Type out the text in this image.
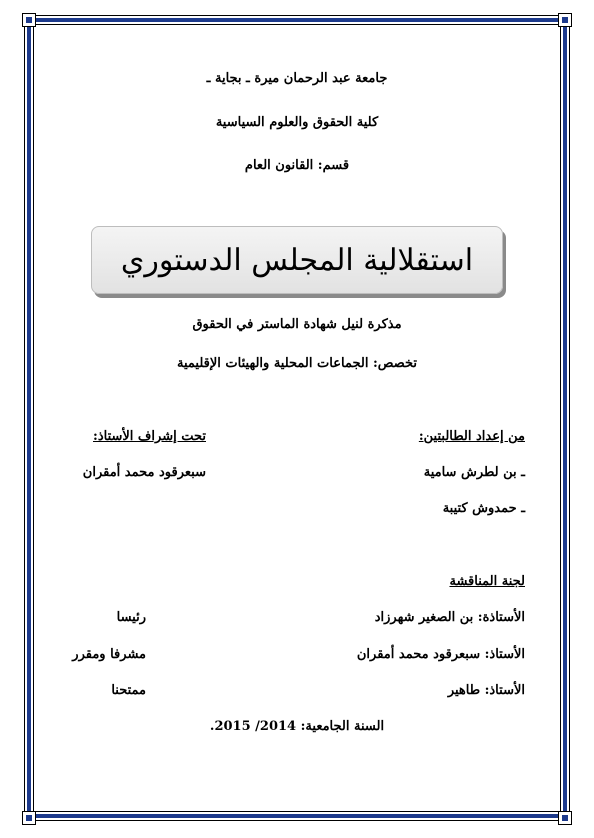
جامعة عبد الرحمان ميرة ـ بجاية ـ
كلية الحقوق والعلوم السياسية
قسم: القانون العام
استقلالية المجلس الدستوري
مذكرة لنيل شهادة الماستر في الحقوق
تخصص: الجماعات المحلية والهيئات الإقليمية
من إعداد الطالبتين:
ـ بن لطرش سامية
ـ حمدوش كتيبة
تحت إشراف الأستاذ:
سبعرقود محمد أمقران
لجنة المناقشة
الأستاذة: بن الصغير شهرزاد
رئيسا
الأستاذ: سبعرقود محمد أمقران
مشرفا ومقرر
الأستاذ: طاهير
ممتحنا
السنة الجامعية: 2014/ 2015.
